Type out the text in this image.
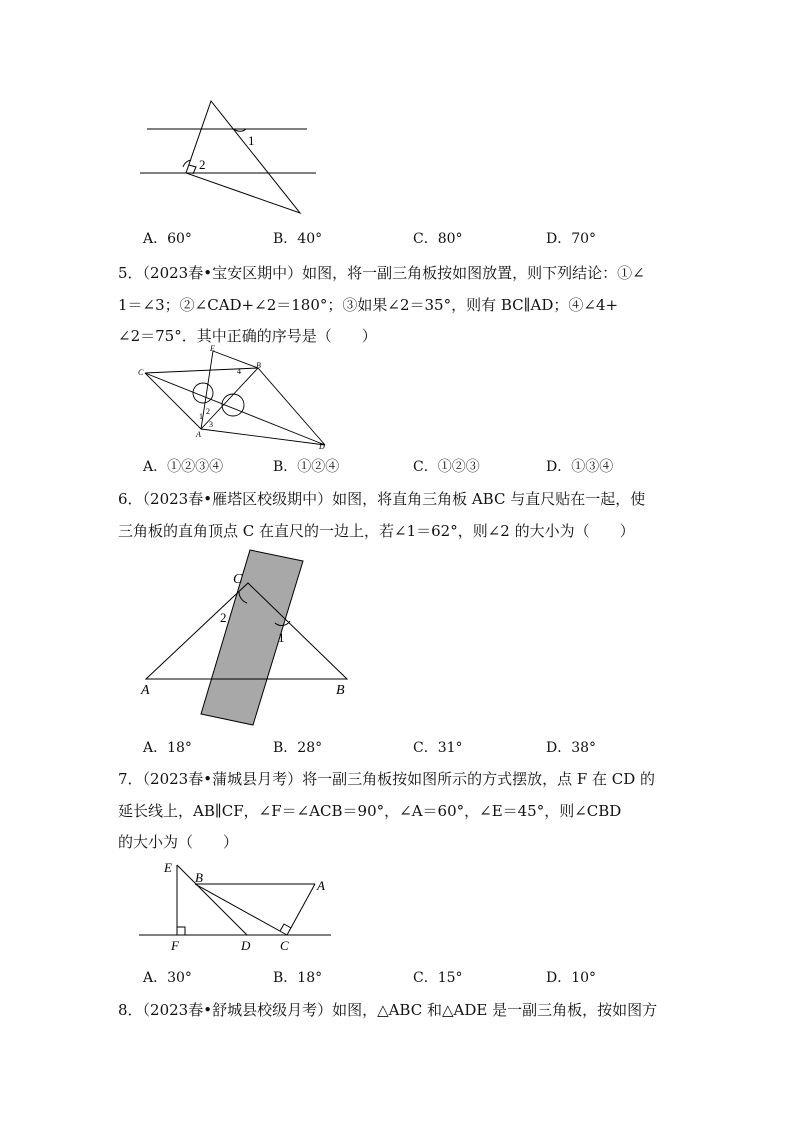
1
2
A．60°	B．40°	C．80°	D．70°

5．（2023春•宝安区期中）如图，将一副三角板按如图放置，则下列结论：①∠

1＝∠3；②∠CAD+∠2＝180°；③如果∠2＝35°，则有 BC∥AD；④∠4+

∠2＝75°．其中正确的序号是（　　）

E
B
C
A
D
1
2
3
4
A．①②③④	B．①②④	C．①②③	D．①③④

6．（2023春•雁塔区校级期中）如图，将直角三角板 ABC 与直尺贴在一起，使

三角板的直角顶点 C 在直尺的一边上，若∠1＝62°，则∠2 的大小为（　　）

C
A	B
1
2
A．18°	B．28°	C．31°	D．38°

7．（2023春•蒲城县月考）将一副三角板按如图所示的方式摆放，点 F 在 CD 的

延长线上，AB∥CF，∠F＝∠ACB＝90°，∠A＝60°，∠E＝45°，则∠CBD

的大小为（　　）

E
B
A
F	D C
A．30°	B．18°	C．15°	D．10°

8．（2023春•舒城县校级月考）如图，△ABC 和△ADE 是一副三角板，按如图方
